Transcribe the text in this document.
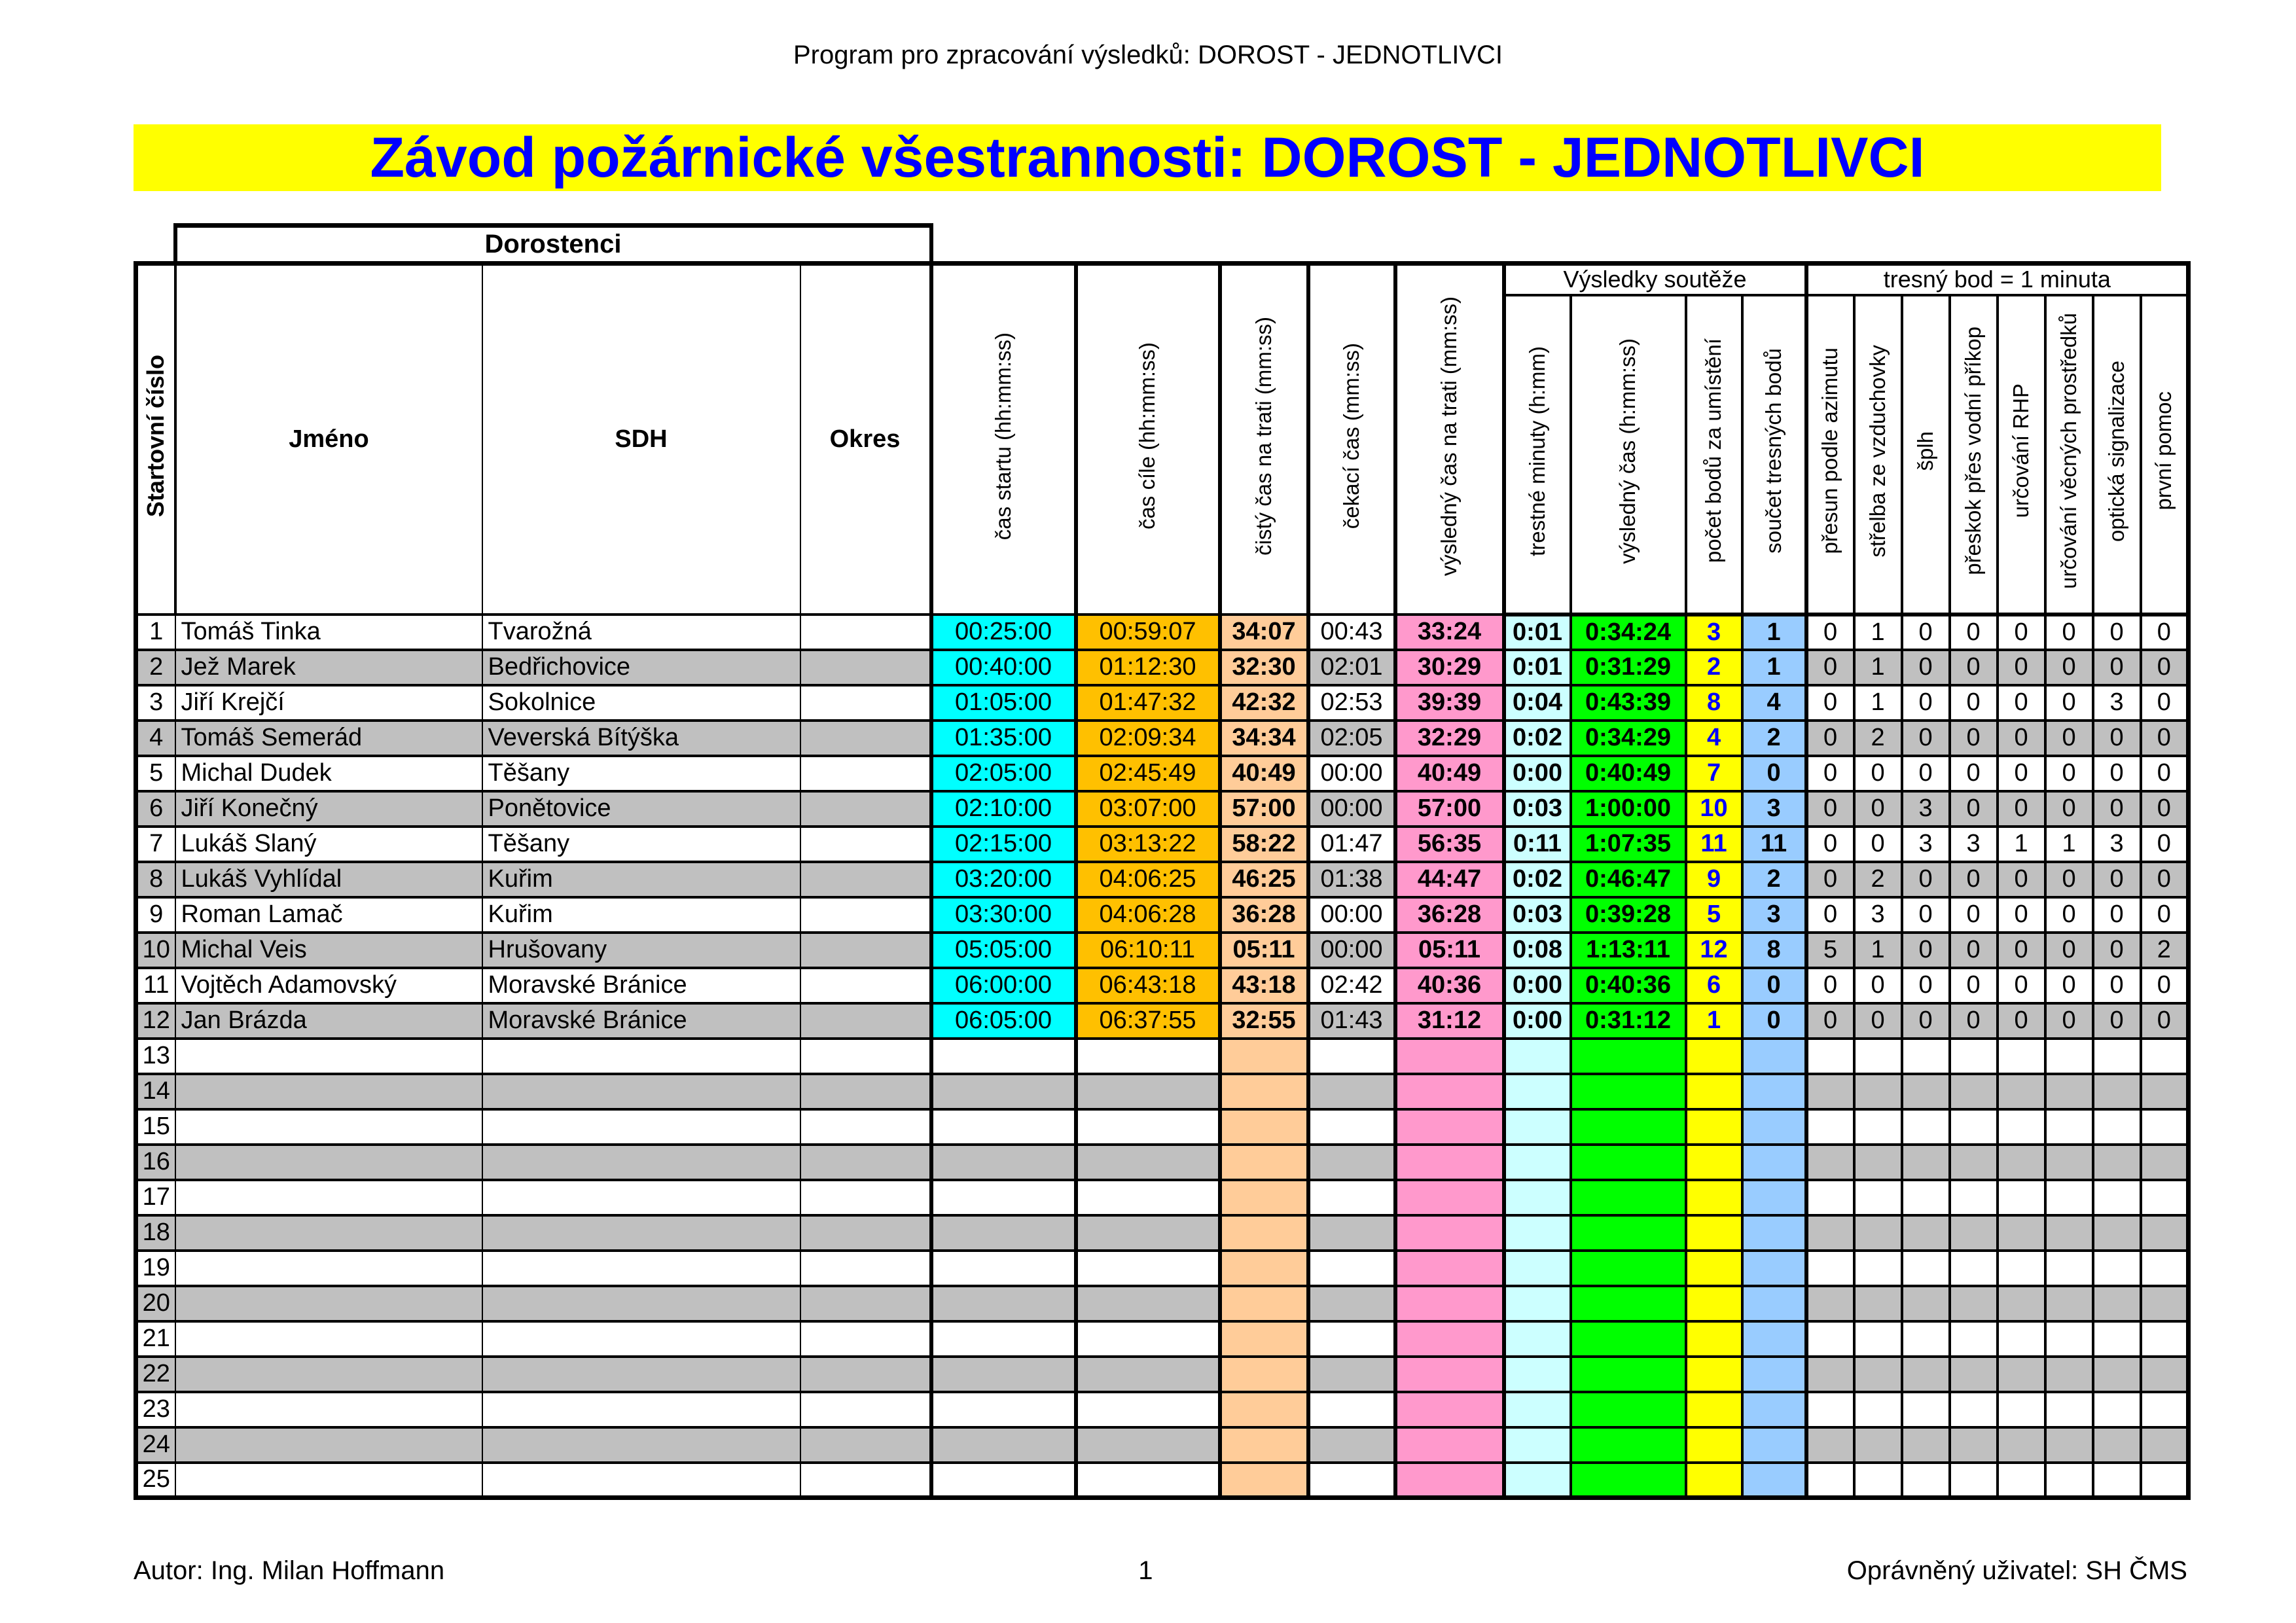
Program pro zpracování výsledků: DOROST - JEDNOTLIVCI
Závod požárnické všestrannosti: DOROST - JEDNOTLIVCI
	Dorostenci																			
Startovní číslo	Jméno	SDH	Okres	čas startu (hh:mm:ss)	čas cíle (hh:mm:ss)	čistý čas na trati (mm:ss)	čekací čas (mm:ss)	výsledný čas na trati (mm:ss)	Výsledky soutěže				tresný bod = 1 minuta							
									trestné minuty (h:mm)	výsledný čas (h:mm:ss)	počet bodů za umístění	součet tresných bodů	přesun podle azimutu	střelba ze vzduchovky	šplh	přeskok přes vodní příkop	určování RHP	určování věcných prostředků	optická signalizace	první pomoc
1	Tomáš Tinka	Tvarožná		00:25:00	00:59:07	34:07	00:43	33:24	0:01	0:34:24	3	1	0	1	0	0	0	0	0	0
2	Jež Marek	Bedřichovice		00:40:00	01:12:30	32:30	02:01	30:29	0:01	0:31:29	2	1	0	1	0	0	0	0	0	0
3	Jiří Krejčí	Sokolnice		01:05:00	01:47:32	42:32	02:53	39:39	0:04	0:43:39	8	4	0	1	0	0	0	0	3	0
4	Tomáš Semerád	Veverská Bítýška		01:35:00	02:09:34	34:34	02:05	32:29	0:02	0:34:29	4	2	0	2	0	0	0	0	0	0
5	Michal Dudek	Těšany		02:05:00	02:45:49	40:49	00:00	40:49	0:00	0:40:49	7	0	0	0	0	0	0	0	0	0
6	Jiří Konečný	Ponětovice		02:10:00	03:07:00	57:00	00:00	57:00	0:03	1:00:00	10	3	0	0	3	0	0	0	0	0
7	Lukáš Slaný	Těšany		02:15:00	03:13:22	58:22	01:47	56:35	0:11	1:07:35	11	11	0	0	3	3	1	1	3	0
8	Lukáš Vyhlídal	Kuřim		03:20:00	04:06:25	46:25	01:38	44:47	0:02	0:46:47	9	2	0	2	0	0	0	0	0	0
9	Roman Lamač	Kuřim		03:30:00	04:06:28	36:28	00:00	36:28	0:03	0:39:28	5	3	0	3	0	0	0	0	0	0
10	Michal Veis	Hrušovany		05:05:00	06:10:11	05:11	00:00	05:11	0:08	1:13:11	12	8	5	1	0	0	0	0	0	2
11	Vojtěch Adamovský	Moravské Bránice		06:00:00	06:43:18	43:18	02:42	40:36	0:00	0:40:36	6	0	0	0	0	0	0	0	0	0
12	Jan Brázda	Moravské Bránice		06:05:00	06:37:55	32:55	01:43	31:12	0:00	0:31:12	1	0	0	0	0	0	0	0	0	0
13																				
14																				
15																				
16																				
17																				
18																				
19																				
20																				
21																				
22																				
23																				
24																				
25																				
Autor: Ing. Milan Hoffmann	1	Oprávněný uživatel: SH ČMS
